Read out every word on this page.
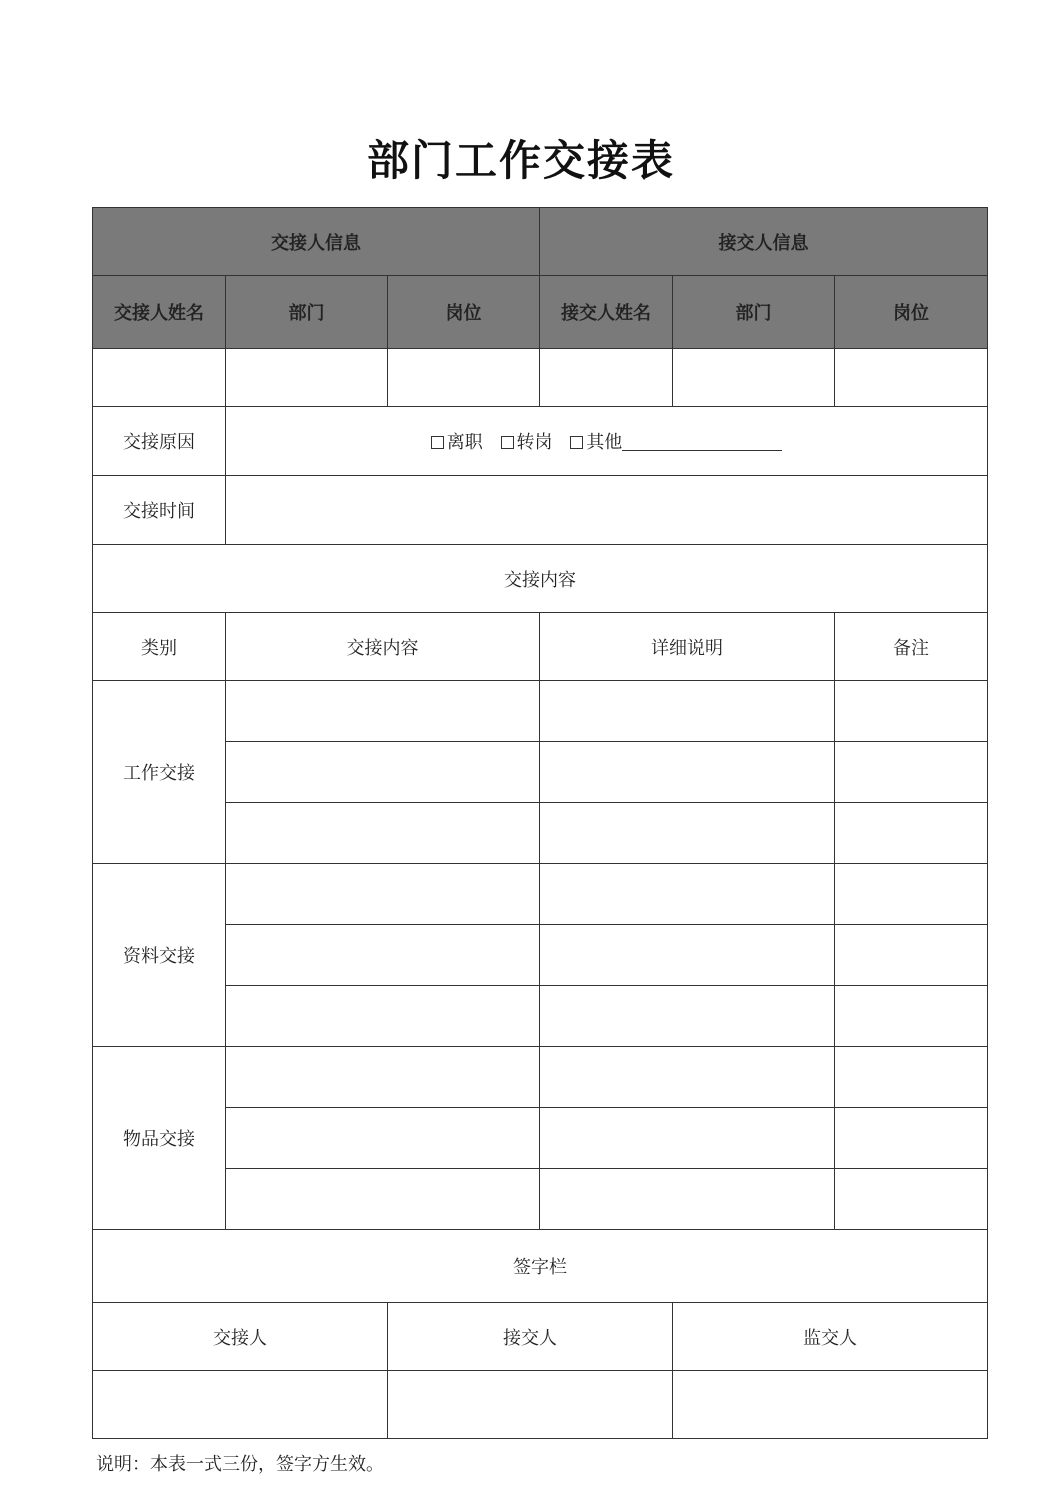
部门工作交接表
交接人信息			接交人信息		
交接人姓名	部门	岗位	接交人姓名	部门	岗位

交接原因	离职 转岗 其他				
交接时间					
交接内容					
类别	交接内容		详细说明		备注
工作交接					

资料交接					

物品交接					

签字栏					
交接人		接交人		监交人	

说明：本表一式三份，签字方生效。
